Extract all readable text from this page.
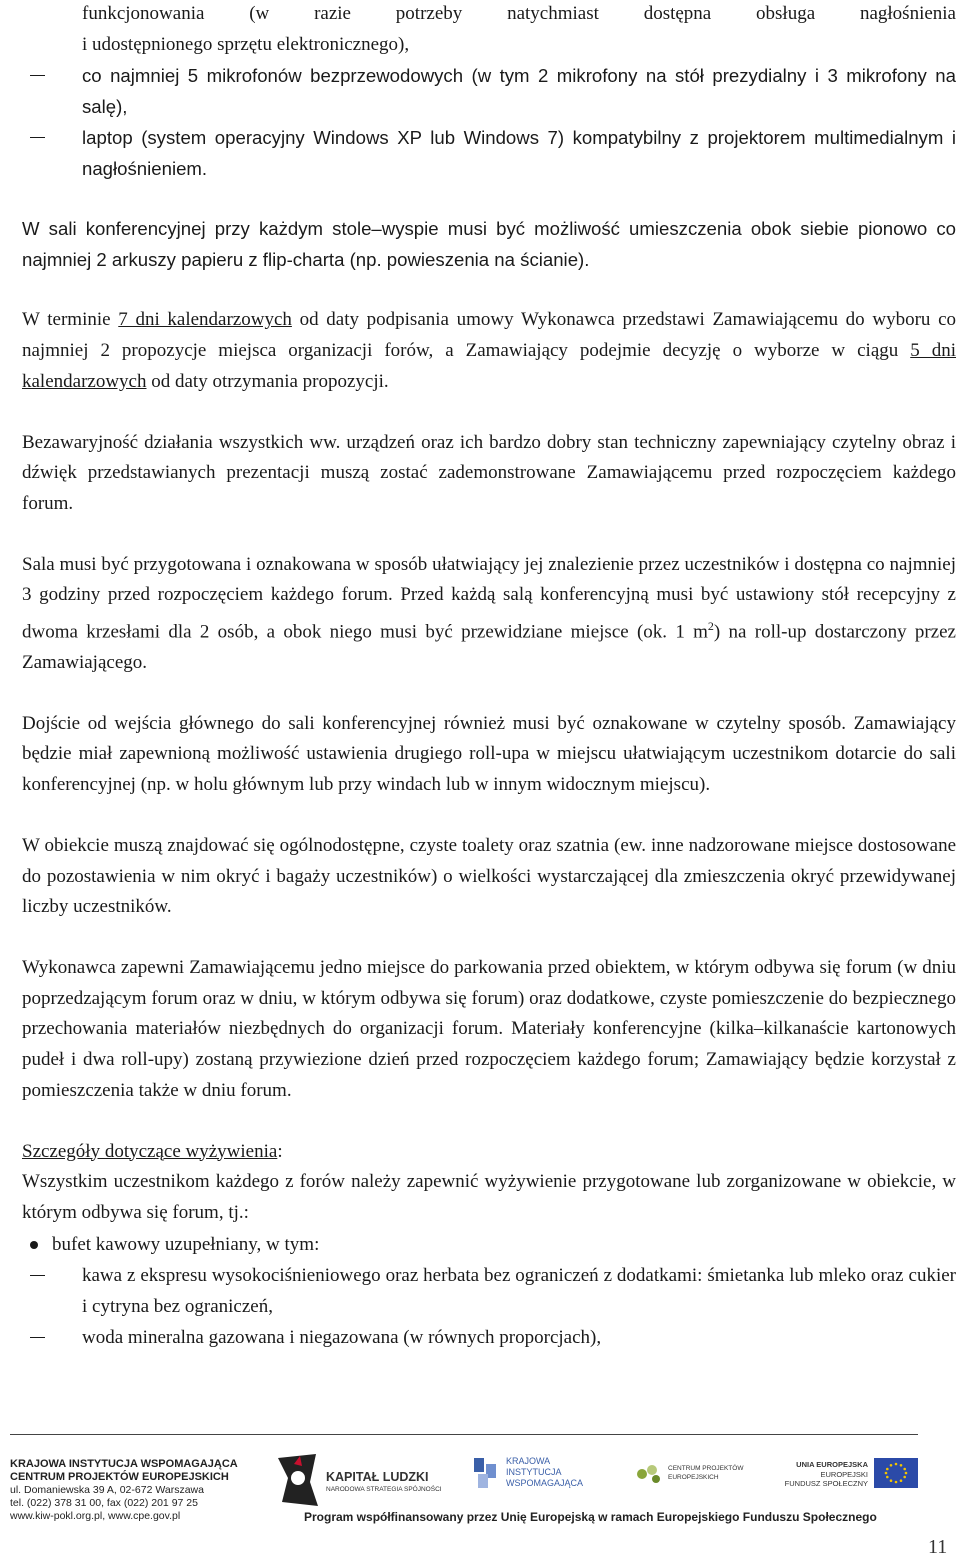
funkcjonowania (w razie potrzeby natychmiast dostępna obsługa nagłośnienia
i udostępnionego sprzętu elektronicznego),
co najmniej 5 mikrofonów bezprzewodowych (w tym 2 mikrofony na stół prezydialny i 3 mikrofony na salę),
laptop (system operacyjny Windows XP lub Windows 7) kompatybilny z projektorem multimedialnym i nagłośnieniem.

W sali konferencyjnej przy każdym stole–wyspie musi być możliwość umieszczenia obok siebie pionowo co najmniej 2 arkuszy papieru z flip-charta (np. powieszenia na ścianie).

W terminie 7 dni kalendarzowych od daty podpisania umowy Wykonawca przedstawi Zamawiającemu do wyboru co najmniej 2 propozycje miejsca organizacji forów, a Zamawiający podejmie decyzję o wyborze w ciągu 5 dni kalendarzowych od daty otrzymania propozycji.

Bezawaryjność działania wszystkich ww. urządzeń oraz ich bardzo dobry stan techniczny zapewniający czytelny obraz i dźwięk przedstawianych prezentacji muszą zostać zademonstrowane Zamawiającemu przed rozpoczęciem każdego forum.

Sala musi być przygotowana i oznakowana w sposób ułatwiający jej znalezienie przez uczestników i dostępna co najmniej 3 godziny przed rozpoczęciem każdego forum. Przed każdą salą konferencyjną musi być ustawiony stół recepcyjny z dwoma krzesłami dla 2 osób, a obok niego musi być przewidziane miejsce (ok. 1 $m^2$) na roll-up dostarczony przez Zamawiającego.

Dojście od wejścia głównego do sali konferencyjnej również musi być oznakowane w czytelny sposób. Zamawiający będzie miał zapewnioną możliwość ustawienia drugiego roll-upa w miejscu ułatwiającym uczestnikom dotarcie do sali konferencyjnej (np. w holu głównym lub przy windach lub w innym widocznym miejscu).

W obiekcie muszą znajdować się ogólnodostępne, czyste toalety oraz szatnia (ew. inne nadzorowane miejsce dostosowane do pozostawienia w nim okryć i bagaży uczestników) o wielkości wystarczającej dla zmieszczenia okryć przewidywanej liczby uczestników.

Wykonawca zapewni Zamawiającemu jedno miejsce do parkowania przed obiektem, w którym odbywa się forum (w dniu poprzedzającym forum oraz w dniu, w którym odbywa się forum) oraz dodatkowe, czyste pomieszczenie do bezpiecznego przechowania materiałów niezbędnych do organizacji forum. Materiały konferencyjne (kilka–kilkanaście kartonowych pudeł i dwa roll-upy) zostaną przywiezione dzień przed rozpoczęciem każdego forum; Zamawiający będzie korzystał z pomieszczenia także w dniu forum.

Szczegóły dotyczące wyżywienia:

Wszystkim uczestnikom każdego z forów należy zapewnić wyżywienie przygotowane lub zorganizowane w obiekcie, w którym odbywa się forum, tj.:

bufet kawowy uzupełniany, w tym:
kawa z ekspresu wysokociśnieniowego oraz herbata bez ograniczeń z dodatkami: śmietanka lub mleko oraz cukier i cytryna bez ograniczeń,
woda mineralna gazowana i niegazowana (w równych proporcjach),
KRAJOWA INSTYTUCJA WSPOMAGAJĄCA
CENTRUM PROJEKTÓW EUROPEJSKICH
ul. Domaniewska 39 A, 02-672 Warszawa
tel. (022) 378 31 00, fax (022) 201 97 25
www.kiw-pokl.org.pl, www.cpe.gov.pl
KAPITAŁ LUDZKI
NARODOWA STRATEGIA SPÓJNOŚCI
KRAJOWA
INSTYTUCJA
WSPOMAGAJĄCA
CENTRUM PROJEKTÓW
EUROPEJSKICH
UNIA EUROPEJSKA
EUROPEJSKI
FUNDUSZ SPOŁECZNY
Program współfinansowany przez Unię Europejską w ramach Europejskiego Funduszu Społecznego
11
